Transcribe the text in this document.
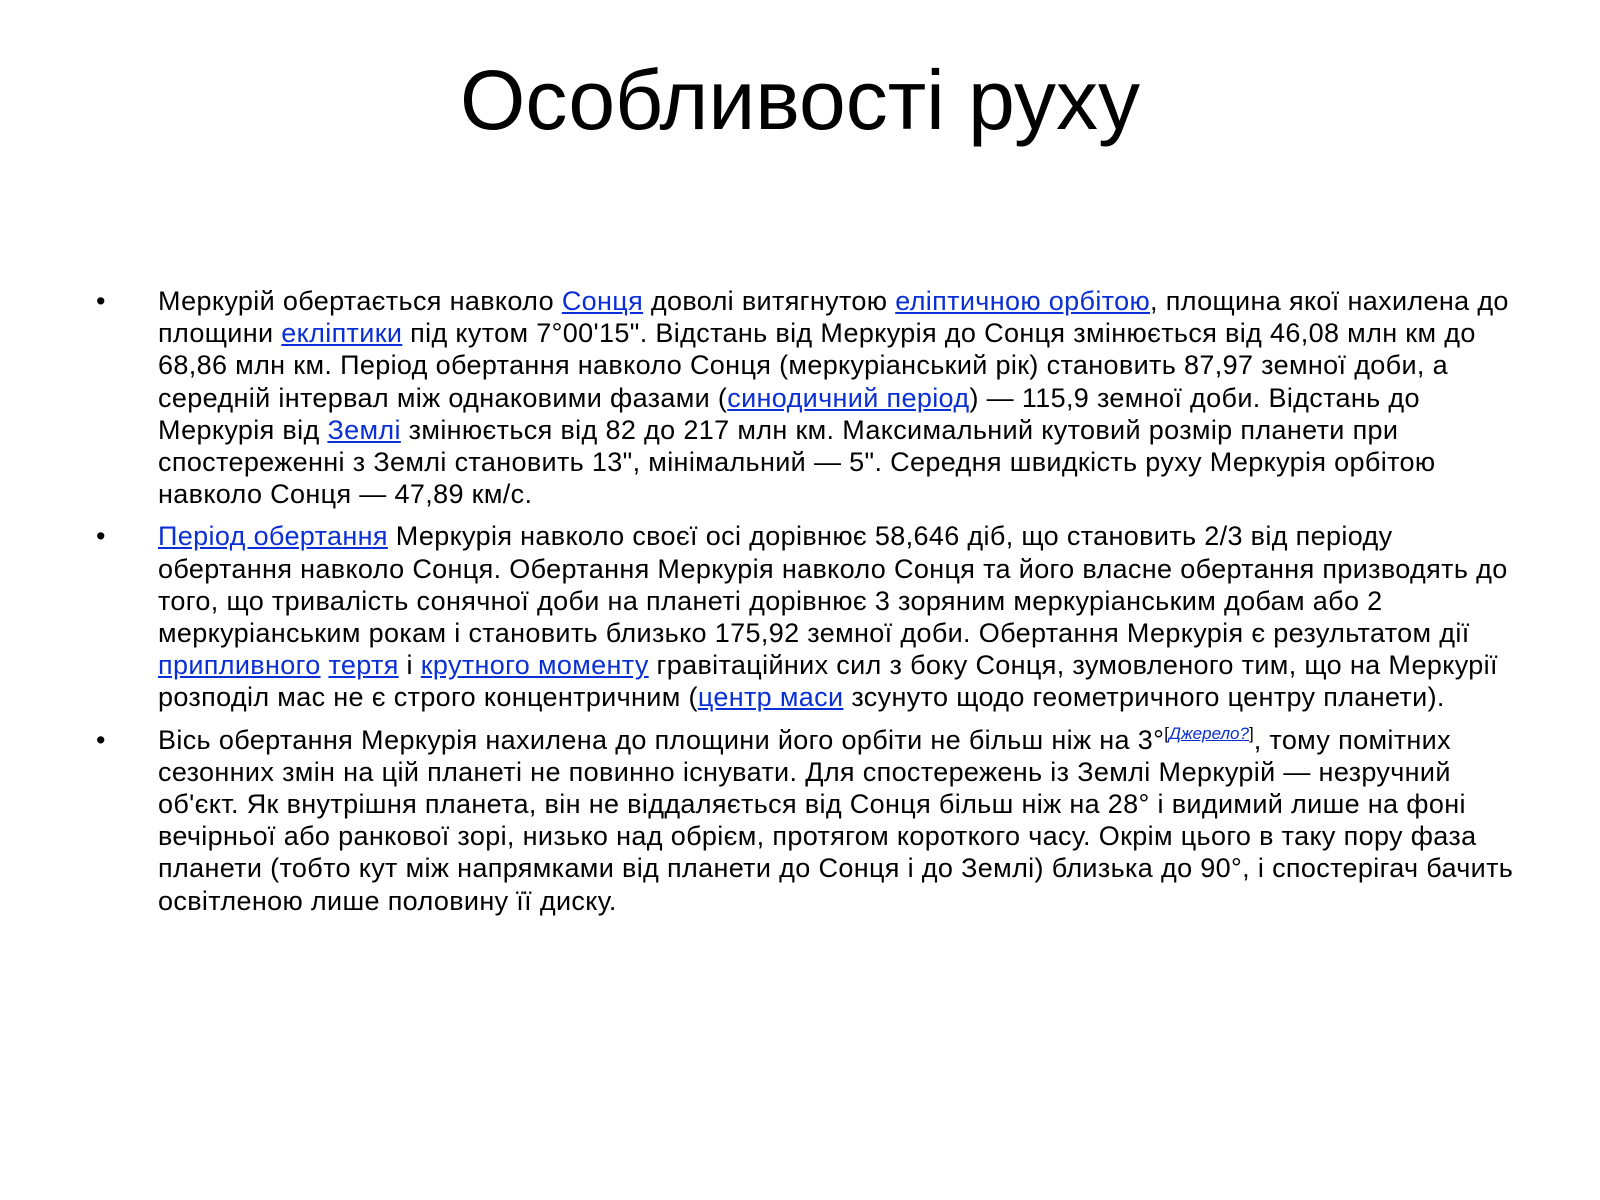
Особливості руху
• Меркурій обертається навколо Сонця доволі витягнутою еліптичною орбітою, площина якої нахилена до площини екліптики під кутом 7°00'15". Відстань від Меркурія до Сонця змінюється від 46,08 млн км до 68,86 млн км. Період обертання навколо Сонця (меркуріанський рік) становить 87,97 земної доби, а середній інтервал між однаковими фазами (синодичний період) — 115,9 земної доби. Відстань до Меркурія від Землі змінюється від 82 до 217 млн км. Максимальний кутовий розмір планети при спостереженні з Землі становить 13", мінімальний — 5". Середня швидкість руху Меркурія орбітою навколо Сонця — 47,89 км/с.
• Період обертання Меркурія навколо своєї осі дорівнює 58,646 діб, що становить 2/3 від періоду обертання навколо Сонця. Обертання Меркурія навколо Сонця та його власне обертання призводять до того, що тривалість сонячної доби на планеті дорівнює 3 зоряним меркуріанським добам або 2 меркуріанським рокам і становить близько 175,92 земної доби. Обертання Меркурія є результатом дії припливного тертя і крутного моменту гравітаційних сил з боку Сонця, зумовленого тим, що на Меркурії розподіл мас не є строго концентричним (центр маси зсунуто щодо геометричного центру планети).
• Вісь обертання Меркурія нахилена до площини його орбіти не більш ніж на 3°[Джерело?], тому помітних сезонних змін на цій планеті не повинно існувати. Для спостережень із Землі Меркурій — незручний об'єкт. Як внутрішня планета, він не віддаляється від Сонця більш ніж на 28° і видимий лише на фоні вечірньої або ранкової зорі, низько над обрієм, протягом короткого часу. Окрім цього в таку пору фаза планети (тобто кут між напрямками від планети до Сонця і до Землі) близька до 90°, і спостерігач бачить освітленою лише половину її диску.
